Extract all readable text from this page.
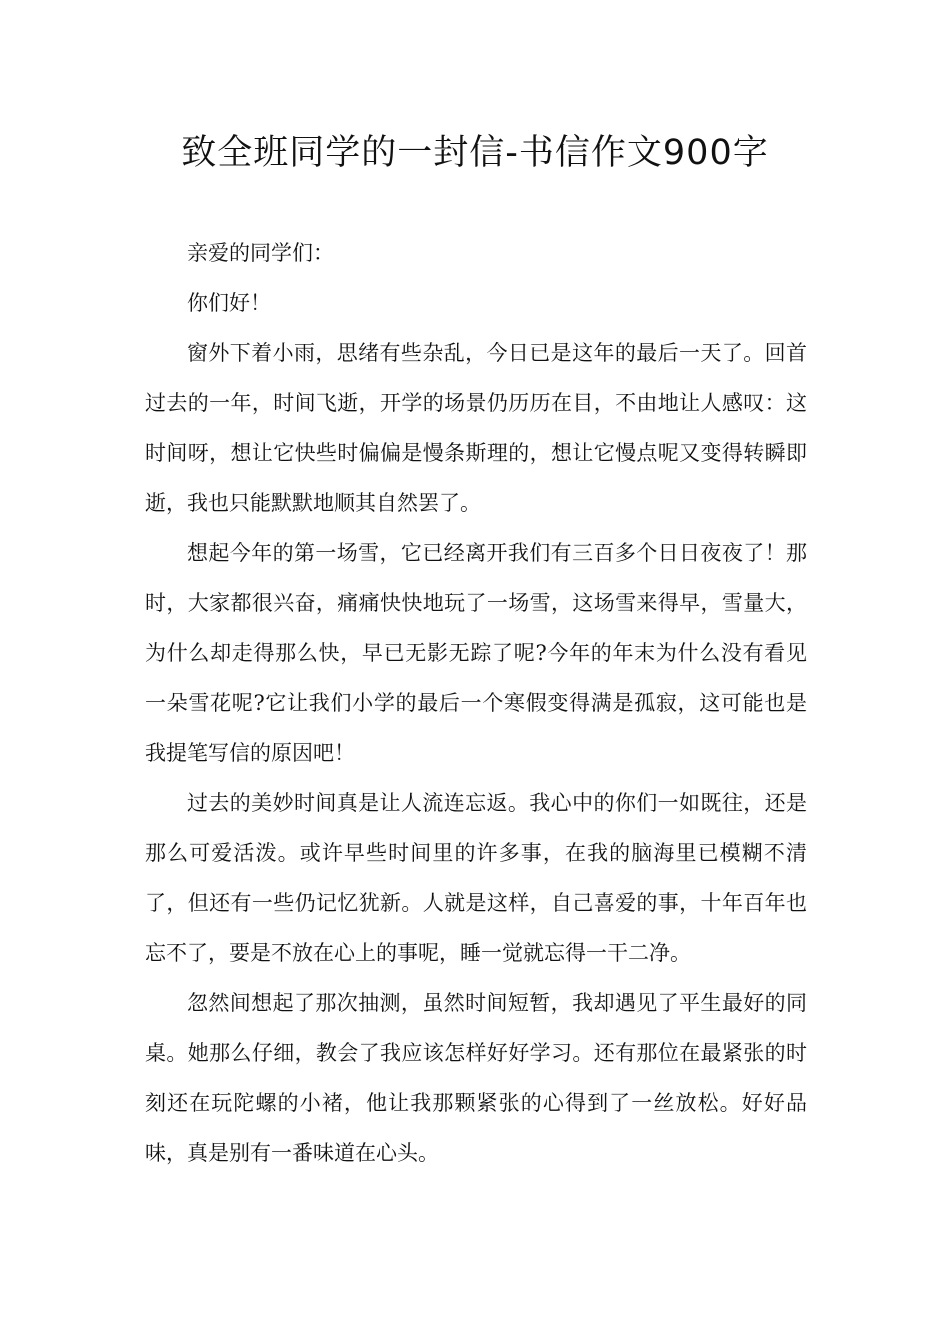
致全班同学的一封信-书信作文900字

亲爱的同学们：

你们好！

窗外下着小雨，思绪有些杂乱，今日已是这年的最后一天了。回首过去的一年，时间飞逝，开学的场景仍历历在目，不由地让人感叹：这时间呀，想让它快些时偏偏是慢条斯理的，想让它慢点呢又变得转瞬即逝，我也只能默默地顺其自然罢了。

想起今年的第一场雪，它已经离开我们有三百多个日日夜夜了！那时，大家都很兴奋，痛痛快快地玩了一场雪，这场雪来得早，雪量大，为什么却走得那么快，早已无影无踪了呢?今年的年末为什么没有看见一朵雪花呢?它让我们小学的最后一个寒假变得满是孤寂，这可能也是我提笔写信的原因吧！

过去的美妙时间真是让人流连忘返。我心中的你们一如既往，还是那么可爱活泼。或许早些时间里的许多事，在我的脑海里已模糊不清了，但还有一些仍记忆犹新。人就是这样，自己喜爱的事，十年百年也忘不了，要是不放在心上的事呢，睡一觉就忘得一干二净。

忽然间想起了那次抽测，虽然时间短暂，我却遇见了平生最好的同桌。她那么仔细，教会了我应该怎样好好学习。还有那位在最紧张的时刻还在玩陀螺的小褚，他让我那颗紧张的心得到了一丝放松。好好品味，真是别有一番味道在心头。
